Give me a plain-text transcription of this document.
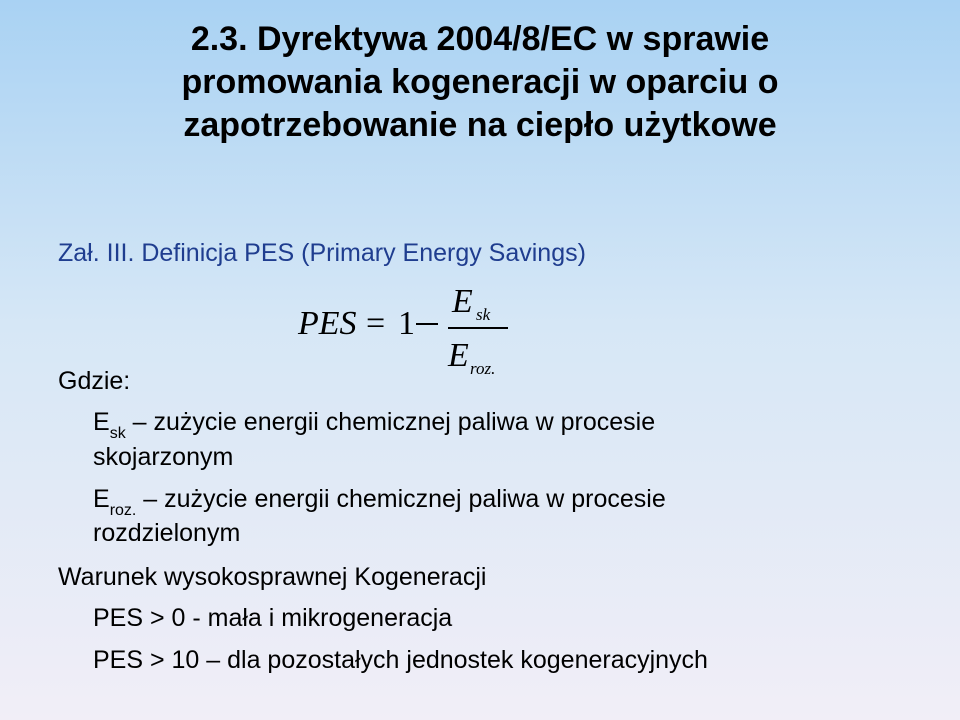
2.3. Dyrektywa 2004/8/EC w sprawie
promowania kogeneracji w oparciu o
zapotrzebowanie na ciepło użytkowe
Zał. III. Definicja PES (Primary Energy Savings)
PES = 1
E sk
E roz.
Gdzie:
$E_{sk}$ – zużycie energii chemicznej paliwa w procesie
skojarzonym
$E_{roz.}$ – zużycie energii chemicznej paliwa w procesie
rozdzielonym
Warunek wysokosprawnej Kogeneracji
PES > 0 - mała i mikrogeneracja
PES > 10 – dla pozostałych jednostek kogeneracyjnych
